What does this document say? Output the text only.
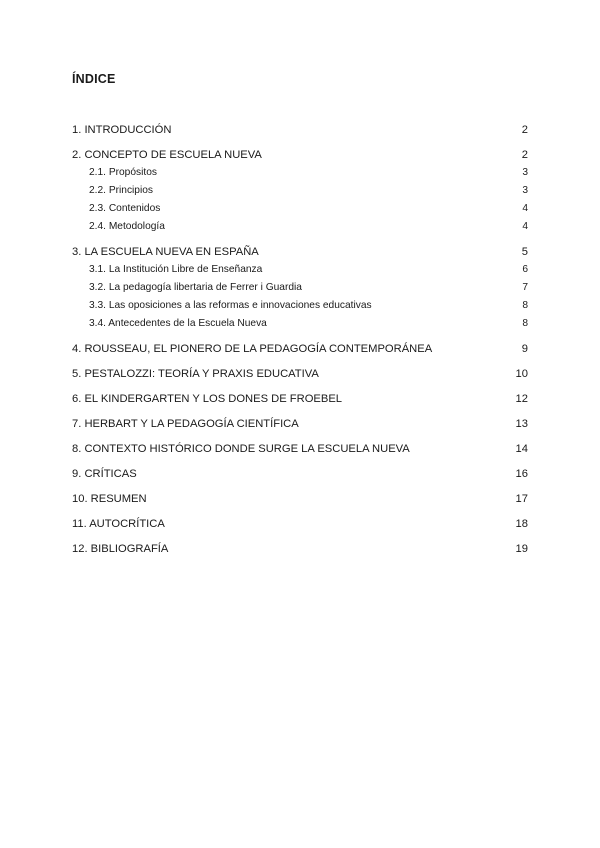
ÍNDICE
1. INTRODUCCIÓN	2
2. CONCEPTO DE ESCUELA NUEVA	2
2.1. Propósitos	3
2.2. Principios	3
2.3. Contenidos	4
2.4. Metodología	4
3. LA ESCUELA NUEVA EN ESPAÑA	5
3.1. La Institución Libre de Enseñanza	6
3.2. La pedagogía libertaria de Ferrer i Guardia	7
3.3. Las oposiciones a las reformas e innovaciones educativas	8
3.4. Antecedentes de la Escuela Nueva	8
4. ROUSSEAU, EL PIONERO DE LA PEDAGOGÍA CONTEMPORÁNEA	9
5. PESTALOZZI: TEORÍA Y PRAXIS EDUCATIVA	10
6. EL KINDERGARTEN Y LOS DONES DE FROEBEL	12
7. HERBART Y LA PEDAGOGÍA CIENTÍFICA	13
8. CONTEXTO HISTÓRICO DONDE SURGE LA ESCUELA NUEVA	14
9. CRÍTICAS	16
10. RESUMEN	17
11. AUTOCRÍTICA	18
12. BIBLIOGRAFÍA	19
